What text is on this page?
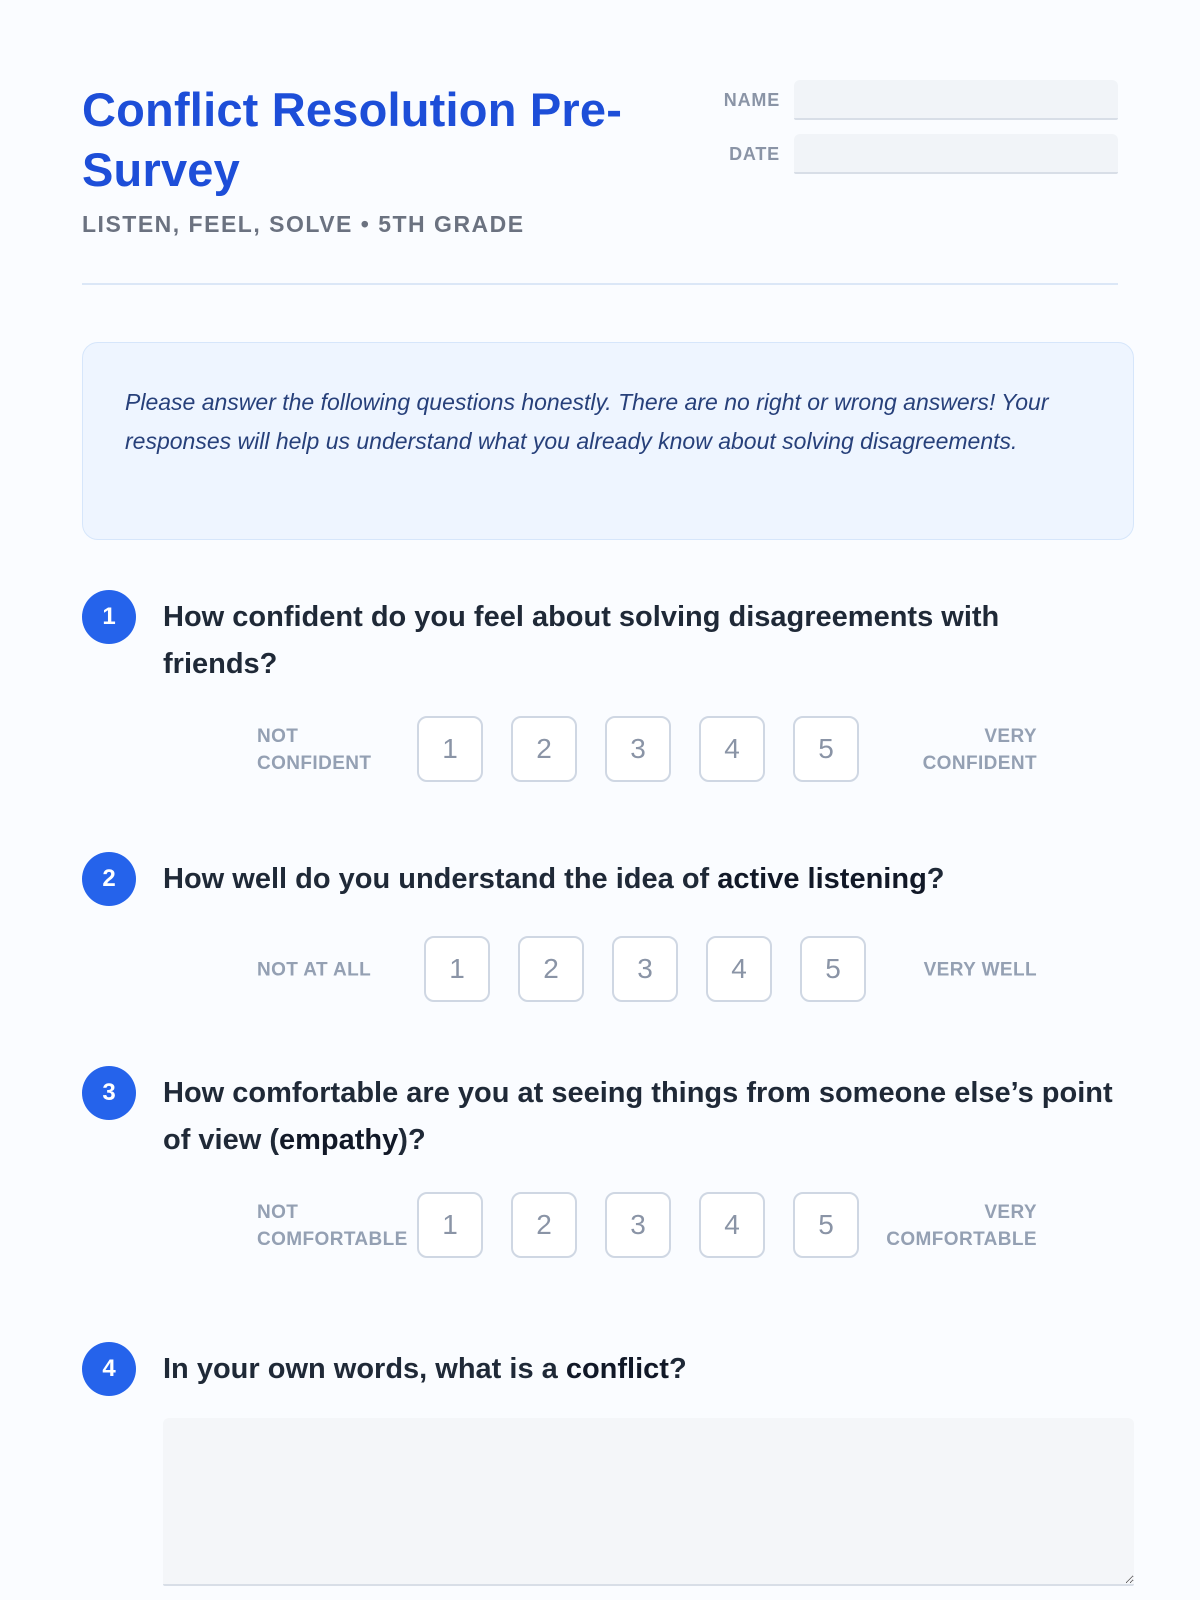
Conflict Resolution Pre-Survey
LISTEN, FEEL, SOLVE • 5TH GRADE
NAME
DATE

Please answer the following questions honestly. There are no right or wrong answers! Your responses will help us understand what you already know about solving disagreements.

1	How confident do you feel about solving disagreements with friends?
NOT
CONFIDENT	1	2	3	4	5	VERY
CONFIDENT
2	How well do you understand the idea of active listening?
NOT AT ALL	1	2	3	4	5	VERY WELL
3	How comfortable are you at seeing things from someone else’s point of view (empathy)?
NOT
COMFORTABLE	1	2	3	4	5	VERY
COMFORTABLE
4	In your own words, what is a conflict?
